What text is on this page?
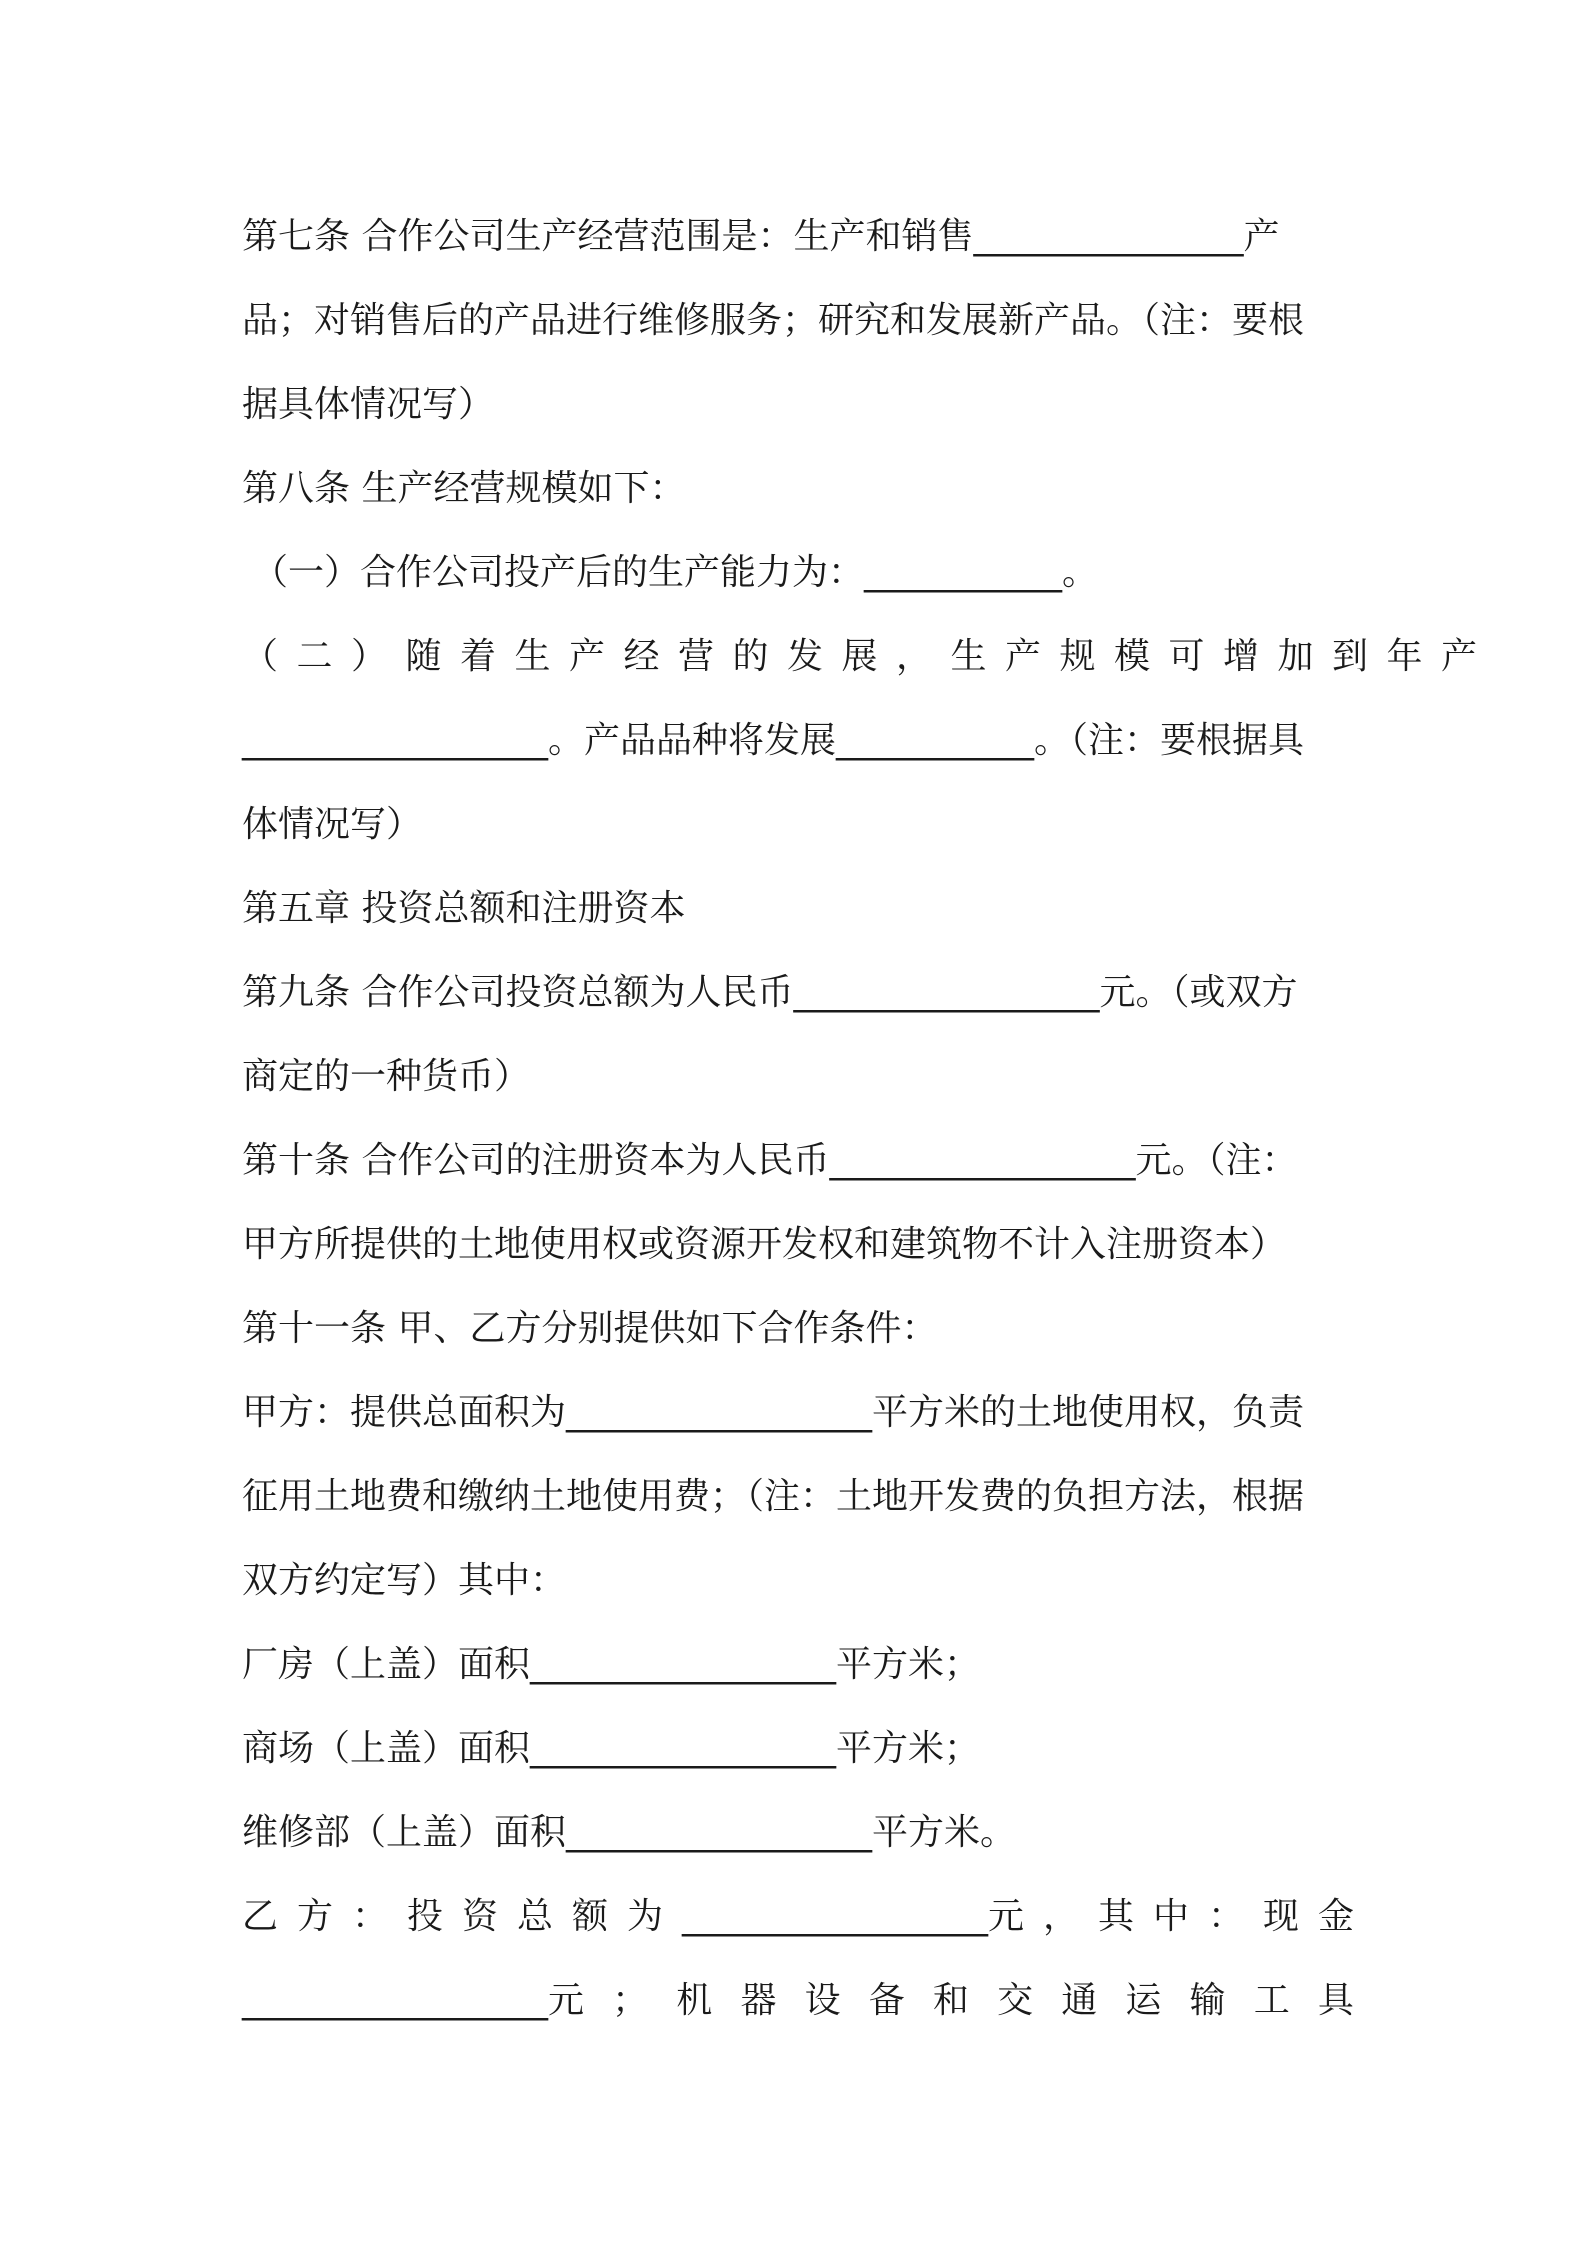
第七条 合作公司生产经营范围是：生产和销售_______________产
品；对销售后的产品进行维修服务；研究和发展新产品。（注：要根
据具体情况写）
第八条 生产经营规模如下：
（一）合作公司投产后的生产能力为：___________。
（二）随着生产经营的发展，生产规模可增加到年产
_________________。产品品种将发展___________。（注：要根据具
体情况写）
第五章 投资总额和注册资本
第九条 合作公司投资总额为人民币_________________元。（或双方
商定的一种货币）
第十条 合作公司的注册资本为人民币_________________元。（注：
甲方所提供的土地使用权或资源开发权和建筑物不计入注册资本）
第十一条 甲、乙方分别提供如下合作条件：
甲方：提供总面积为_________________平方米的土地使用权，负责
征用土地费和缴纳土地使用费；（注：土地开发费的负担方法，根据
双方约定写）其中：
厂房（上盖）面积_________________平方米；
商场（上盖）面积_________________平方米；
维修部（上盖）面积_________________平方米。
乙 方 ： 投 资 总 额 为 _________________元 ， 其 中 ： 现 金
_________________元 ； 机 器 设 备 和 交 通 运 输 工 具
